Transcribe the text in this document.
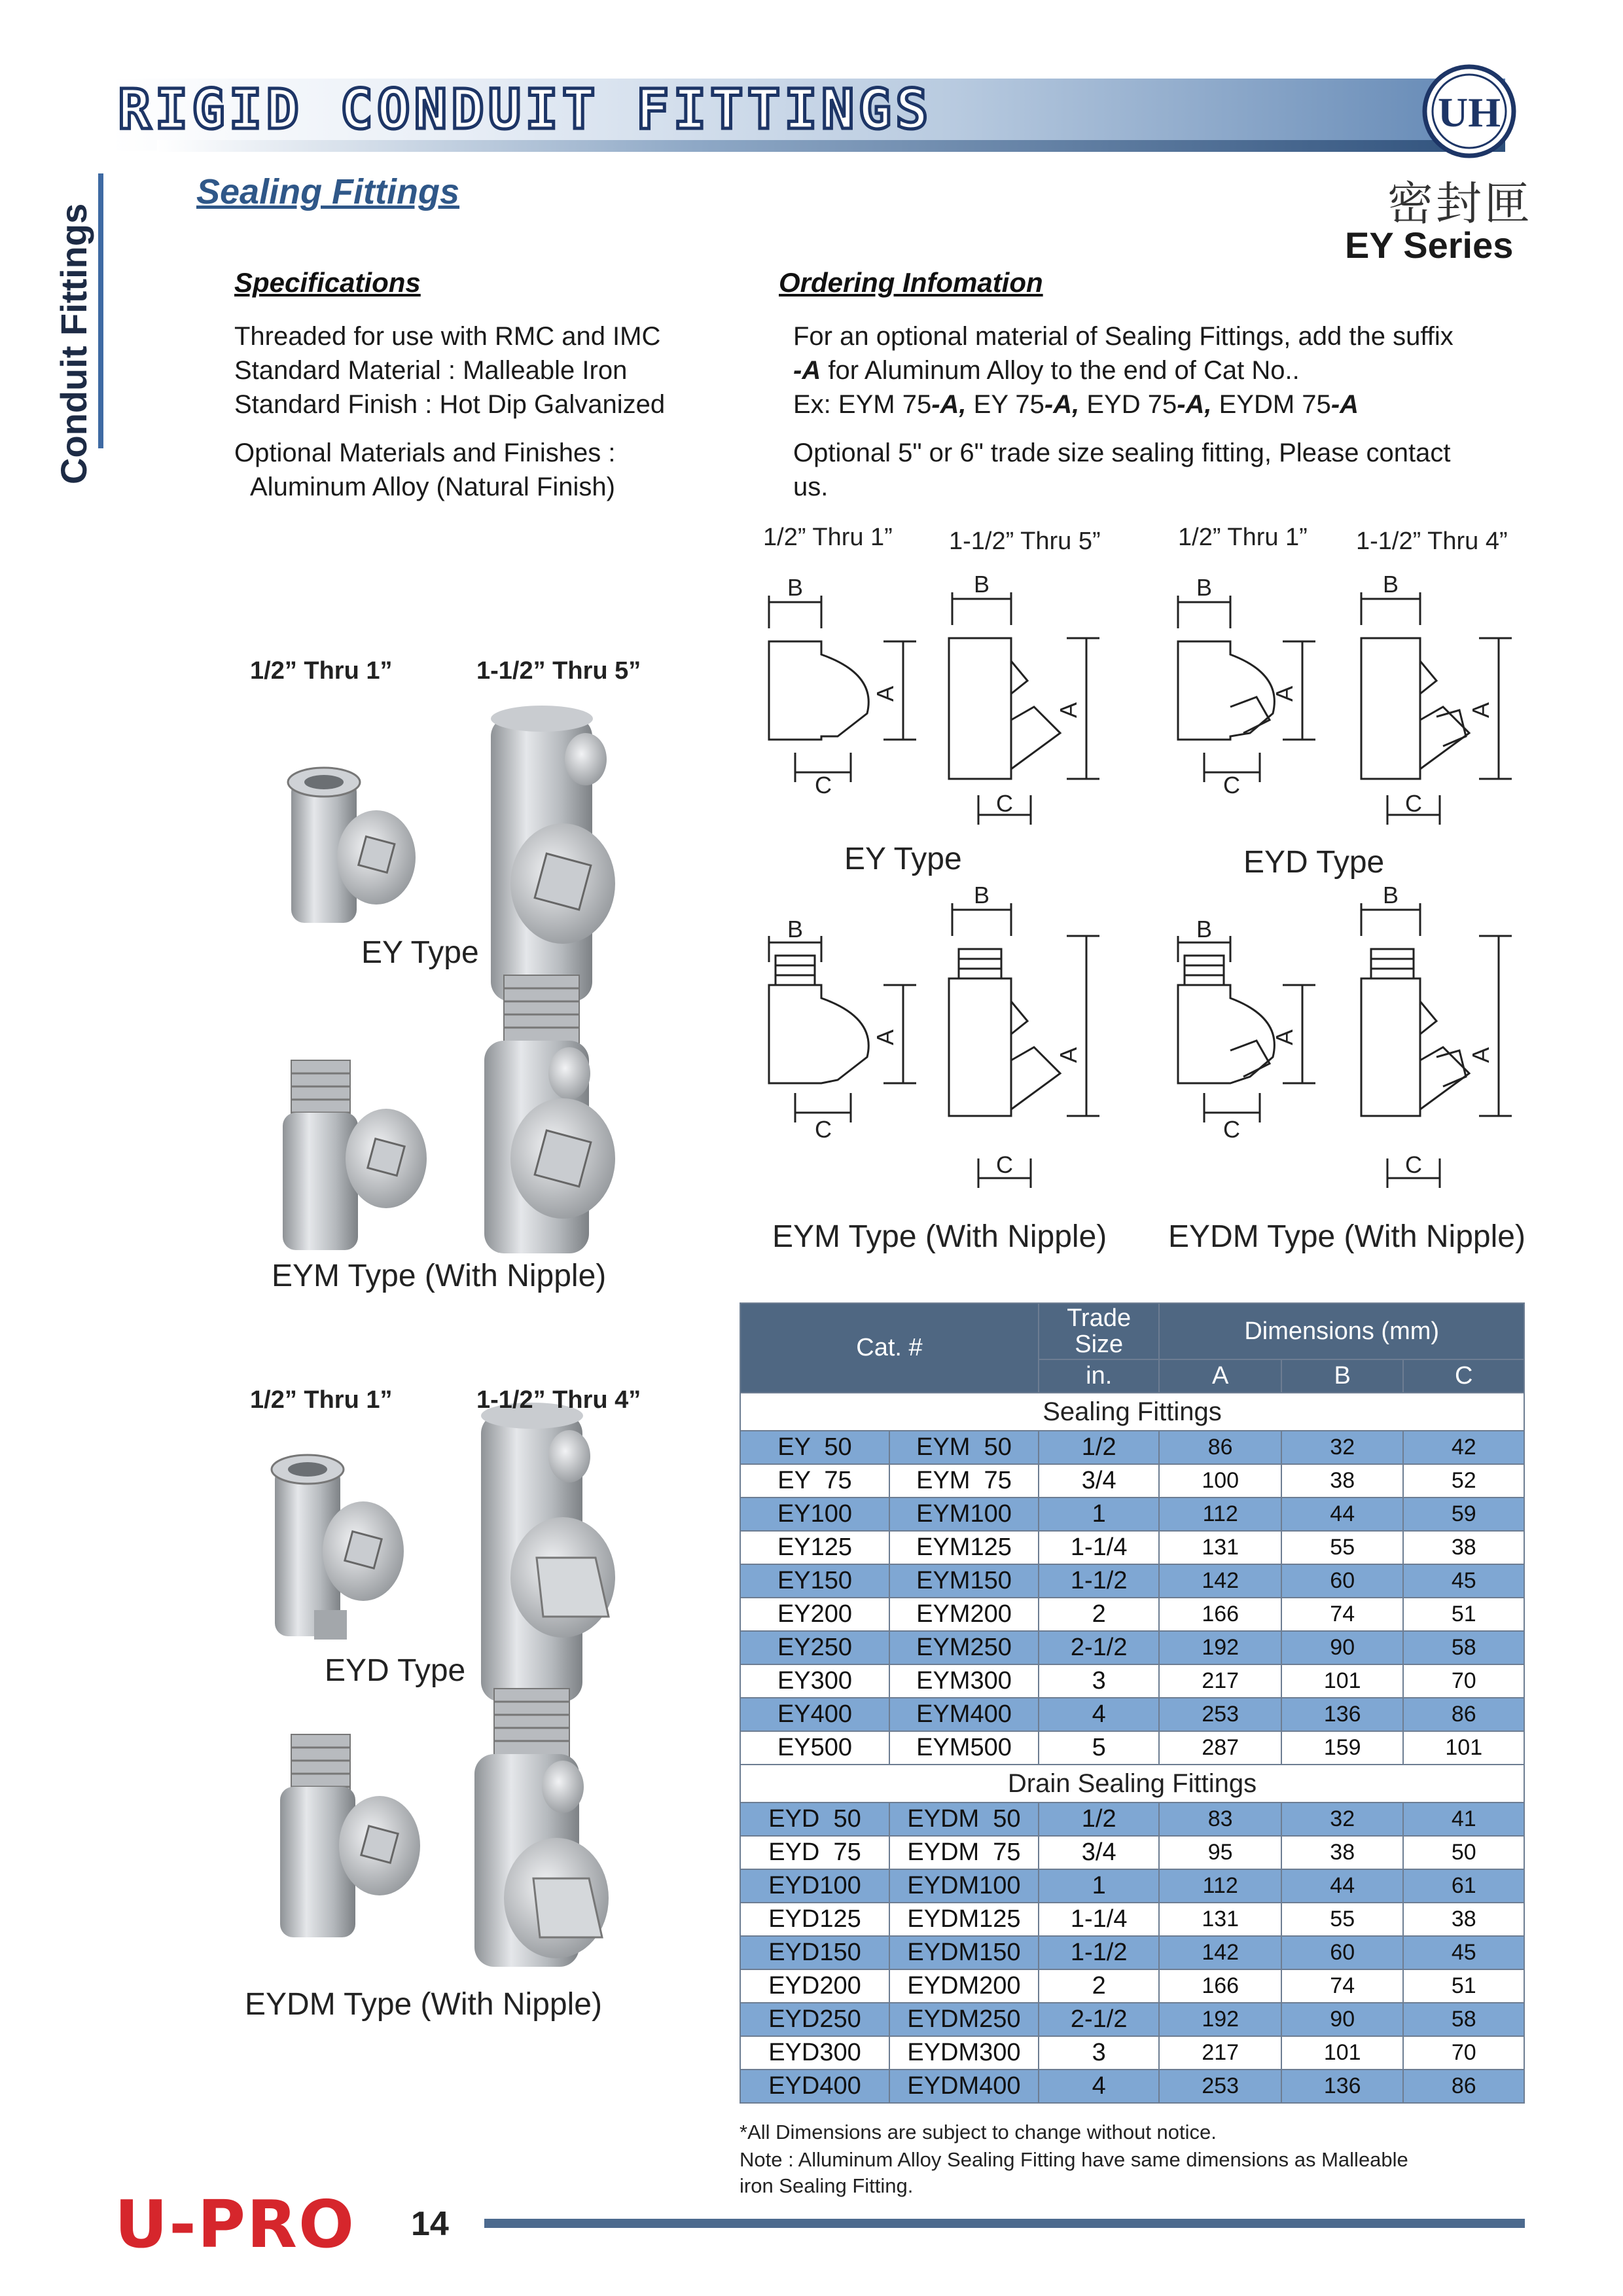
RIGID CONDUIT FITTINGS	UH
Conduit Fittings
Sealing Fittings	密封匣
EY Series
Specifications
Threaded for use with RMC and IMC
Standard Material : Malleable Iron
Standard Finish : Hot Dip Galvanized
Optional Materials and Finishes :
Aluminum Alloy (Natural Finish)
Ordering Infomation
For an optional material of Sealing Fittings, add the suffix
-A for Aluminum Alloy to the end of Cat No..
Ex: EYM 75-A, EY 75-A, EYD 75-A, EYDM 75-A
Optional 5" or 6" trade size sealing fitting, Please contact
us.
B
A
C
B
A
C
B
A
C
B
A
C
B
A
C
B
A
C
B
A
C
B
A
C
1/2” Thru 1”	1-1/2” Thru 5”
EY Type
EYM Type (With Nipple)
1/2” Thru 1”	1-1/2” Thru 4”
EYD Type
EYDM Type (With Nipple)
1/2” Thru 1” 1-1/2” Thru 5”	1/2” Thru 1” 1-1/2” Thru 4”
EY Type	EYD Type
EYM Type (With Nipple) EYDM Type (With Nipple)
Cat. #		Trade Size	Dimensions (mm)		
		in.	A	B	C
Sealing Fittings					
EY  50	EYM  50	1/2	86	32	42
EY  75	EYM  75	3/4	100	38	52
EY100	EYM100	1	112	44	59
EY125	EYM125	1-1/4	131	55	38
EY150	EYM150	1-1/2	142	60	45
EY200	EYM200	2	166	74	51
EY250	EYM250	2-1/2	192	90	58
EY300	EYM300	3	217	101	70
EY400	EYM400	4	253	136	86
EY500	EYM500	5	287	159	101
Drain Sealing Fittings					
EYD  50	EYDM  50	1/2	83	32	41
EYD  75	EYDM  75	3/4	95	38	50
EYD100	EYDM100	1	112	44	61
EYD125	EYDM125	1-1/4	131	55	38
EYD150	EYDM150	1-1/2	142	60	45
EYD200	EYDM200	2	166	74	51
EYD250	EYDM250	2-1/2	192	90	58
EYD300	EYDM300	3	217	101	70
EYD400	EYDM400	4	253	136	86
*All Dimensions are subject to change without notice.
Note : Alluminum Alloy Sealing Fitting have same dimensions as Malleable
iron Sealing Fitting.
U-PRO 14
